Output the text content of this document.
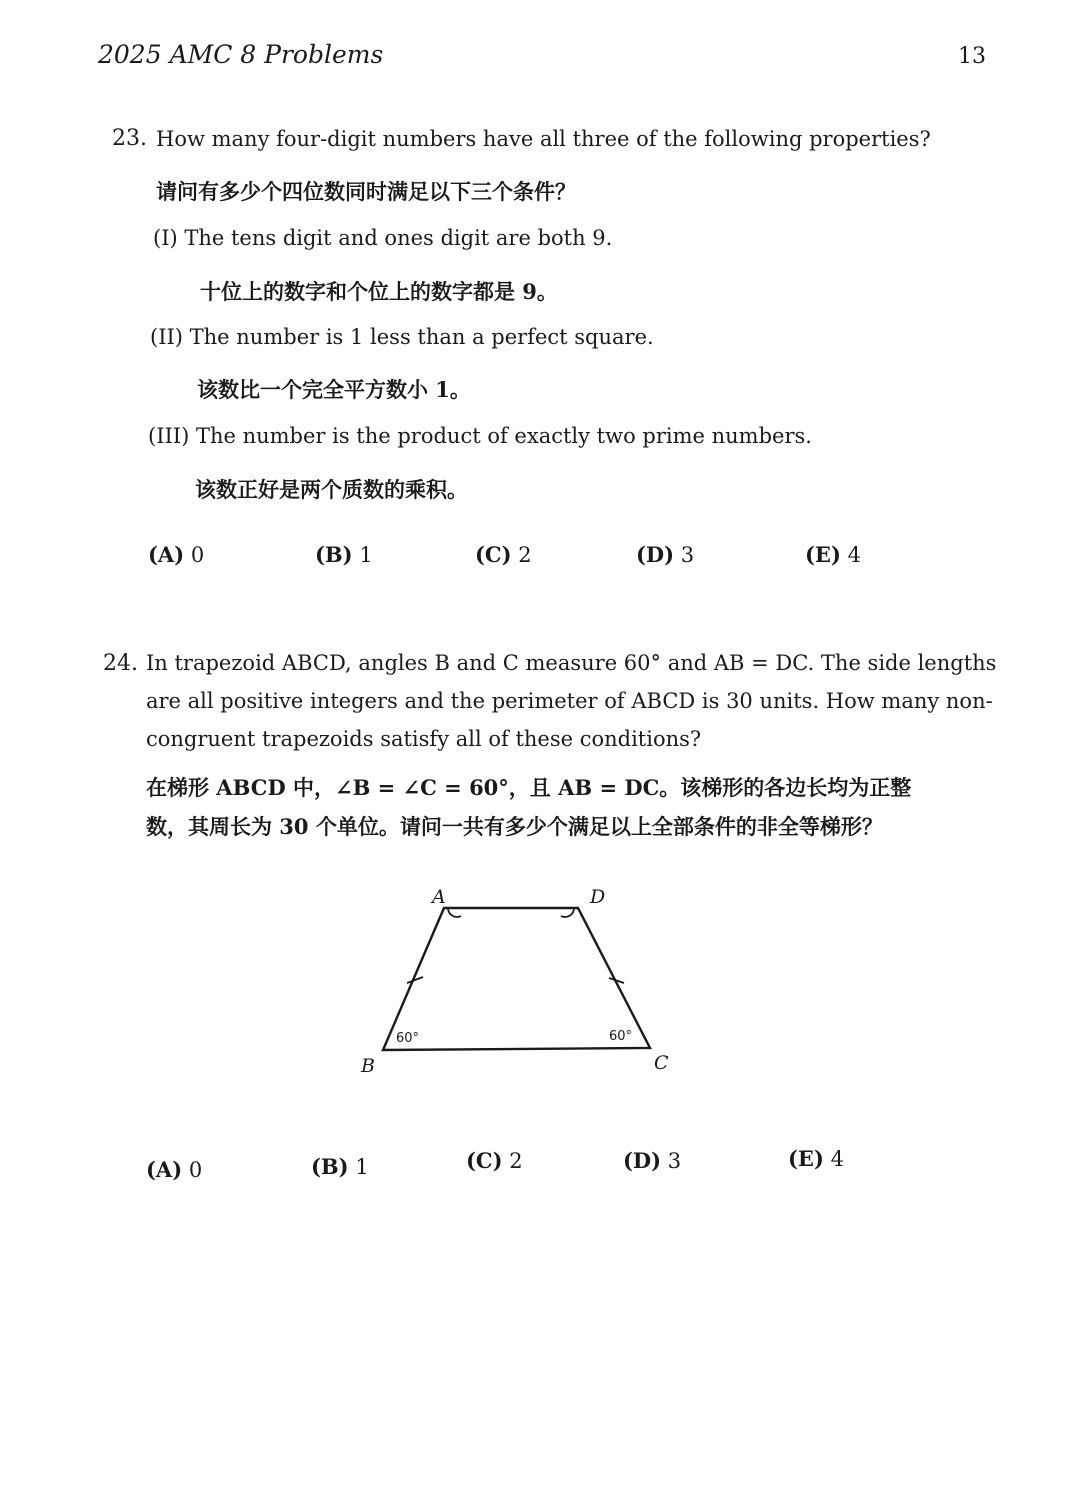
2025 AMC 8 Problems	13
23. How many four-digit numbers have all three of the following properties?
请问有多少个四位数同时满足以下三个条件？
(I) The tens digit and ones digit are both 9.
十位上的数字和个位上的数字都是 9。
(II) The number is 1 less than a perfect square.
该数比一个完全平方数小 1。
(III) The number is the product of exactly two prime numbers.
该数正好是两个质数的乘积。
(A) 0	(B) 1	(C) 2	(D) 3	(E) 4
24. In trapezoid ABCD, angles B and C measure 60° and AB = DC. The side lengths
are all positive integers and the perimeter of ABCD is 30 units. How many non-
congruent trapezoids satisfy all of these conditions?
在梯形 ABCD 中，∠B = ∠C = 60°，且 AB = DC。该梯形的各边长均为正整
数，其周长为 30 个单位。请问一共有多少个满足以上全部条件的非全等梯形？
A	D
B	C
60°	60°
(A) 0	(B) 1	(C) 2	(D) 3	(E) 4
